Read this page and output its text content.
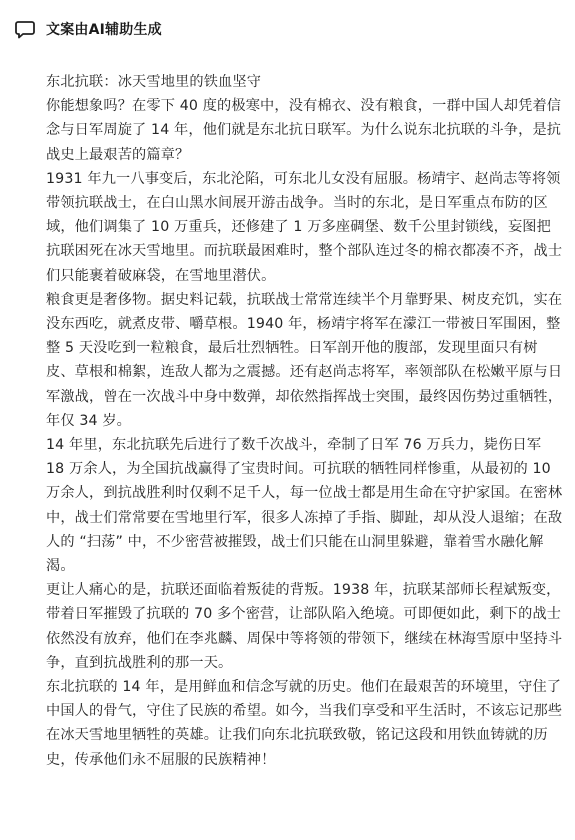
文案由AI辅助生成

东北抗联：冰天雪地里的铁血坚守

你能想象吗？在零下 40 度的极寒中，没有棉衣、没有粮食，一群中国人却凭着信念与日军周旋了 14 年，他们就是东北抗日联军。为什么说东北抗联的斗争，是抗战史上最艰苦的篇章？

1931 年九一八事变后，东北沦陷，可东北儿女没有屈服。杨靖宇、赵尚志等将领带领抗联战士，在白山黑水间展开游击战争。当时的东北，是日军重点布防的区域，他们调集了 10 万重兵，还修建了 1 万多座碉堡、数千公里封锁线，妄图把抗联困死在冰天雪地里。而抗联最困难时，整个部队连过冬的棉衣都凑不齐，战士们只能裹着破麻袋，在雪地里潜伏。

粮食更是奢侈物。据史料记载，抗联战士常常连续半个月靠野果、树皮充饥，实在没东西吃，就煮皮带、嚼草根。1940 年，杨靖宇将军在濛江一带被日军围困，整整 5 天没吃到一粒粮食，最后壮烈牺牲。日军剖开他的腹部，发现里面只有树皮、草根和棉絮，连敌人都为之震撼。还有赵尚志将军，率领部队在松嫩平原与日军激战，曾在一次战斗中身中数弹，却依然指挥战士突围，最终因伤势过重牺牲，年仅 34 岁。

14 年里，东北抗联先后进行了数千次战斗，牵制了日军 76 万兵力，毙伤日军 18 万余人，为全国抗战赢得了宝贵时间。可抗联的牺牲同样惨重，从最初的 10 万余人，到抗战胜利时仅剩不足千人，每一位战士都是用生命在守护家国。在密林中，战士们常常要在雪地里行军，很多人冻掉了手指、脚趾，却从没人退缩；在敌人的 “扫荡” 中，不少密营被摧毁，战士们只能在山洞里躲避，靠着雪水融化解渴。

更让人痛心的是，抗联还面临着叛徒的背叛。1938 年，抗联某部师长程斌叛变，带着日军摧毁了抗联的 70 多个密营，让部队陷入绝境。可即便如此，剩下的战士依然没有放弃，他们在李兆麟、周保中等将领的带领下，继续在林海雪原中坚持斗争，直到抗战胜利的那一天。

东北抗联的 14 年，是用鲜血和信念写就的历史。他们在最艰苦的环境里，守住了中国人的骨气，守住了民族的希望。如今，当我们享受和平生活时，不该忘记那些在冰天雪地里牺牲的英雄。让我们向东北抗联致敬，铭记这段和用铁血铸就的历史，传承他们永不屈服的民族精神！
